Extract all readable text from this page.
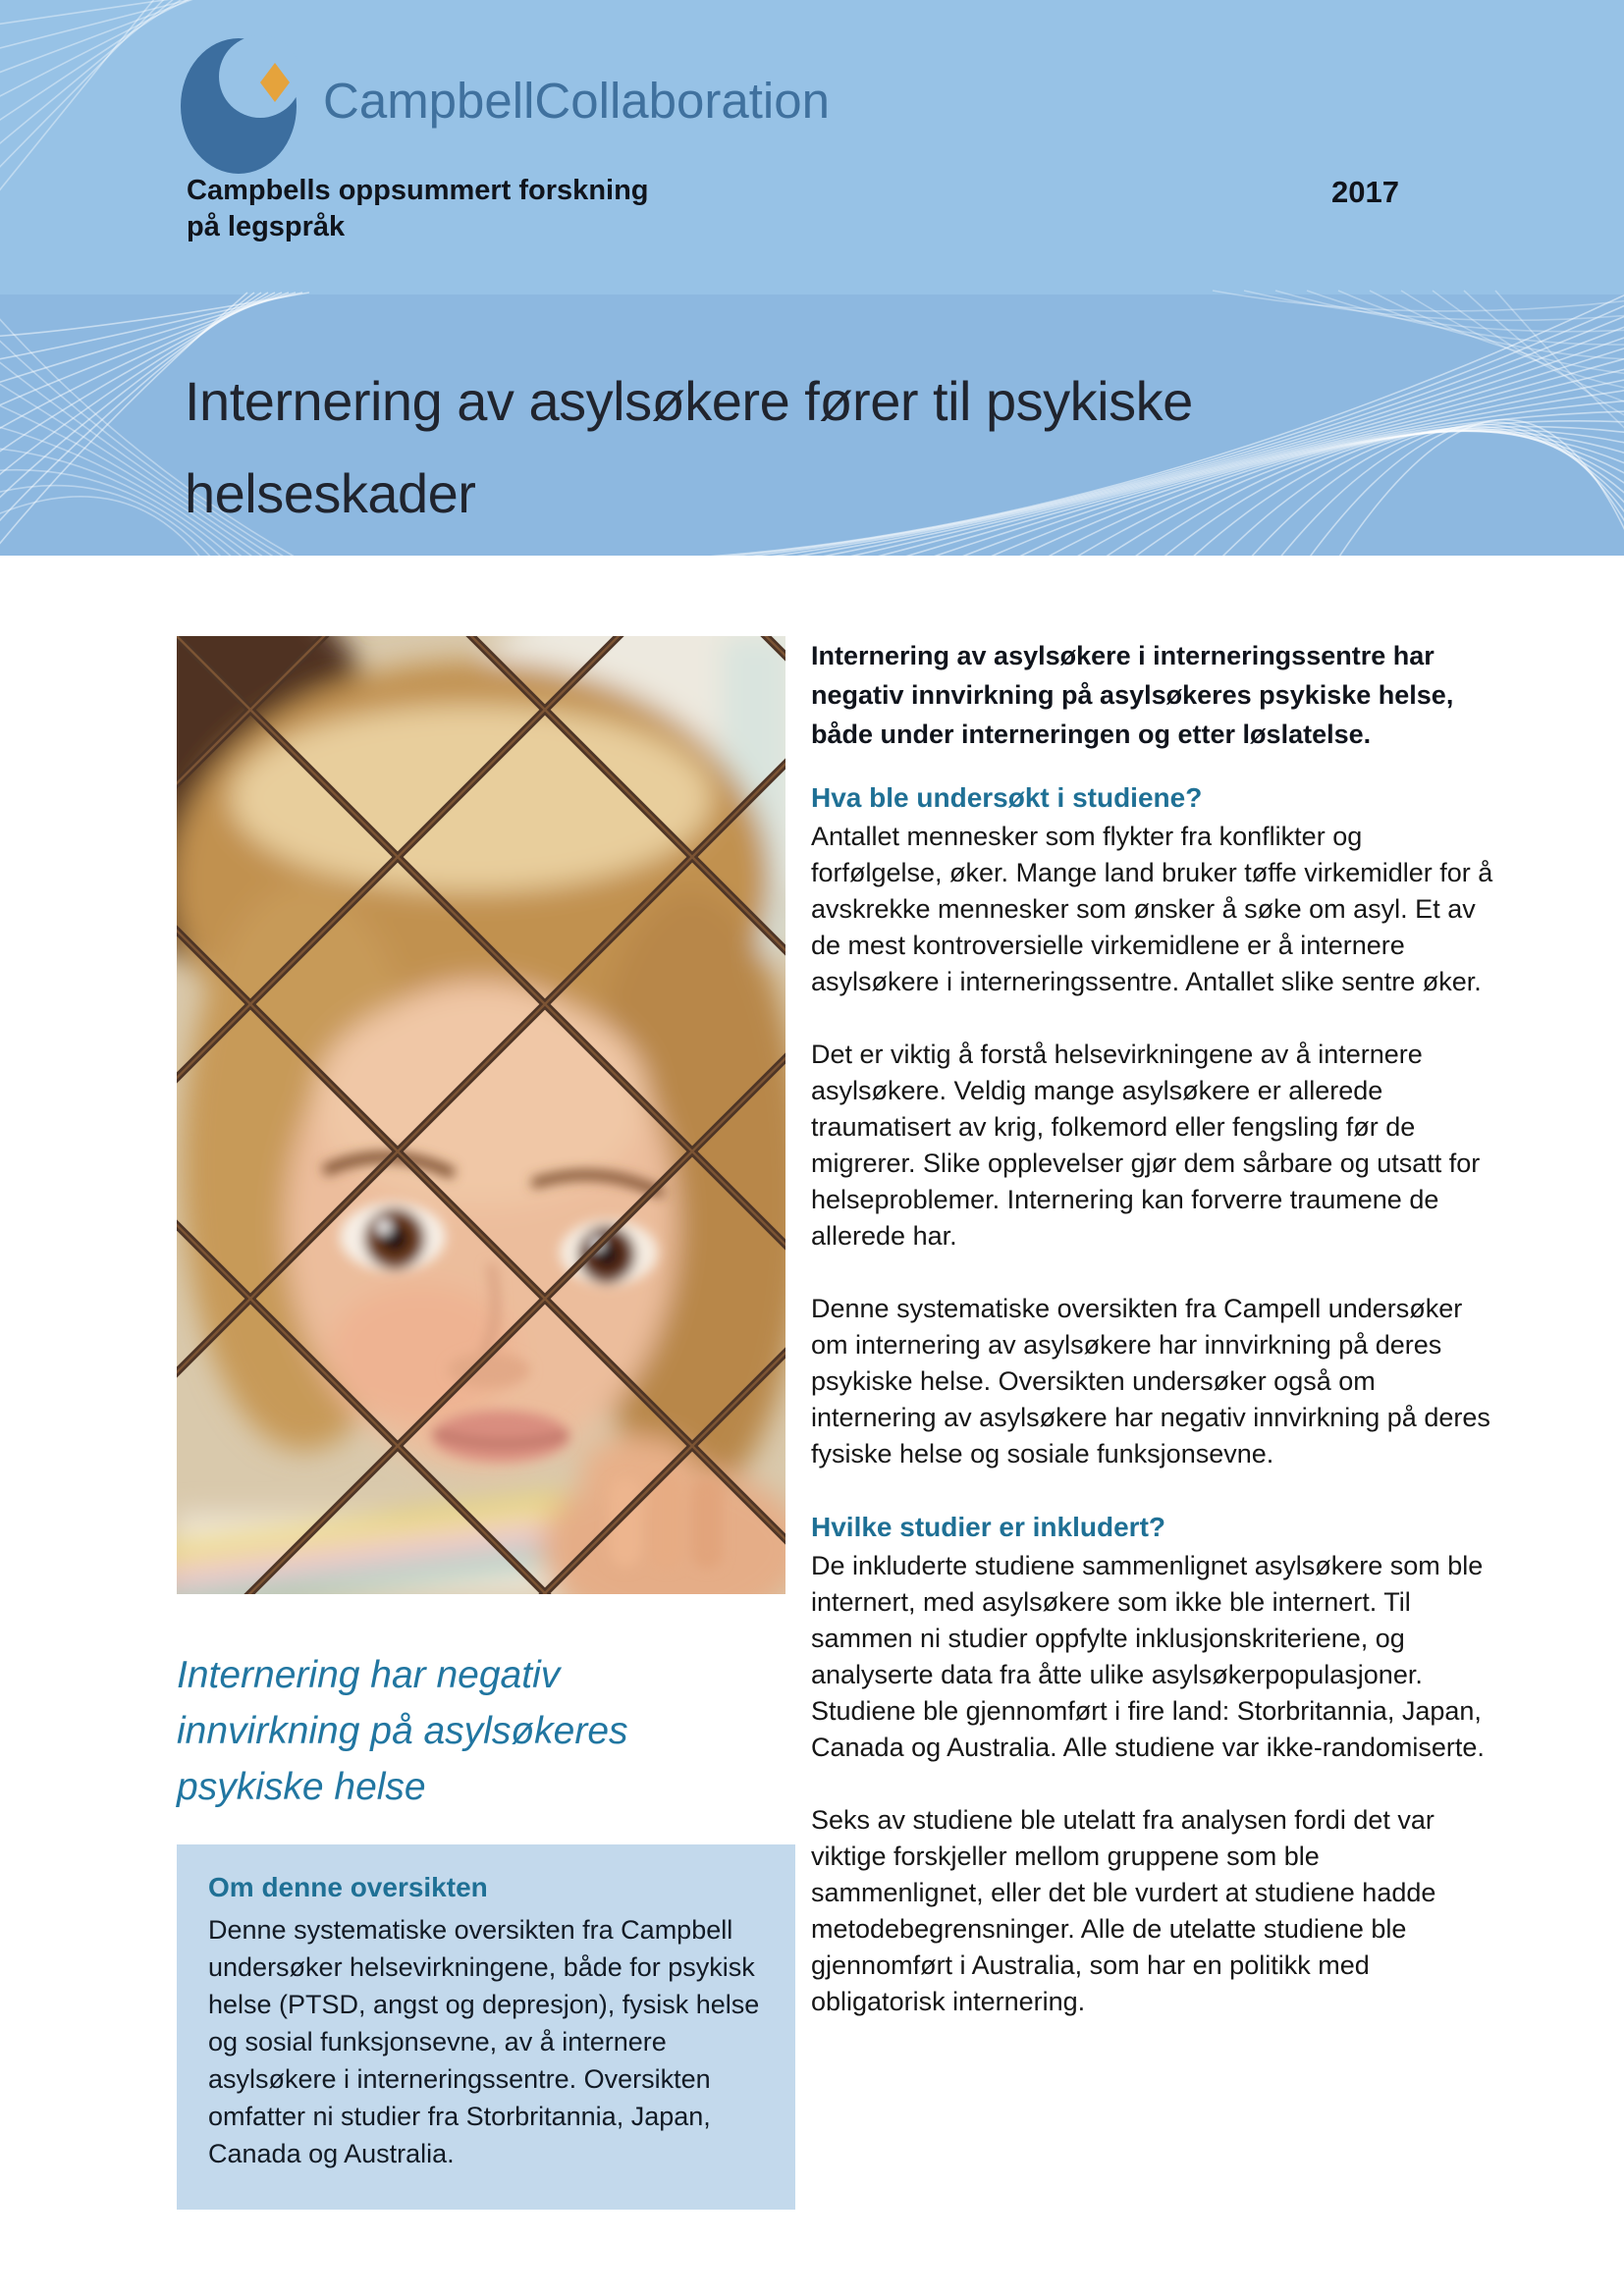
CampbellCollaboration
Campbells oppsummert forskning
på legspråk
2017
Internering av asylsøkere fører til psykiske helseskader
Internering har negativ innvirkning på asylsøkeres psykiske helse
Om denne oversikten

Denne systematiske oversikten fra Campbell undersøker helsevirkningene, både for psykisk helse (PTSD, angst og depresjon), fysisk helse og sosial funksjonsevne, av å internere asylsøkere i interneringssentre. Oversikten omfatter ni studier fra Storbritannia, Japan, Canada og Australia.

Internering av asylsøkere i interneringssentre har negativ innvirkning på asylsøkeres psykiske helse, både under interneringen og etter løslatelse.

Hva ble undersøkt i studiene?

Antallet mennesker som flykter fra konflikter og forfølgelse, øker. Mange land bruker tøffe virkemidler for å avskrekke mennesker som ønsker å søke om asyl. Et av de mest kontroversielle virkemidlene er å internere asylsøkere i interneringssentre. Antallet slike sentre øker.

Det er viktig å forstå helsevirkningene av å internere asylsøkere. Veldig mange asylsøkere er allerede traumatisert av krig, folkemord eller fengsling før de migrerer. Slike opplevelser gjør dem sårbare og utsatt for helseproblemer. Internering kan forverre traumene de allerede har.

Denne systematiske oversikten fra Campell undersøker om internering av asylsøkere har innvirkning på deres psykiske helse. Oversikten undersøker også om internering av asylsøkere har negativ innvirkning på deres fysiske helse og sosiale funksjonsevne.

Hvilke studier er inkludert?

De inkluderte studiene sammenlignet asylsøkere som ble internert, med asylsøkere som ikke ble internert. Til sammen ni studier oppfylte inklusjonskriteriene, og analyserte data fra åtte ulike asylsøkerpopulasjoner. Studiene ble gjennomført i fire land: Storbritannia, Japan, Canada og Australia. Alle studiene var ikke-randomiserte.

Seks av studiene ble utelatt fra analysen fordi det var viktige forskjeller mellom gruppene som ble sammenlignet, eller det ble vurdert at studiene hadde metodebegrensninger. Alle de utelatte studiene ble gjennomført i Australia, som har en politikk med obligatorisk internering.
